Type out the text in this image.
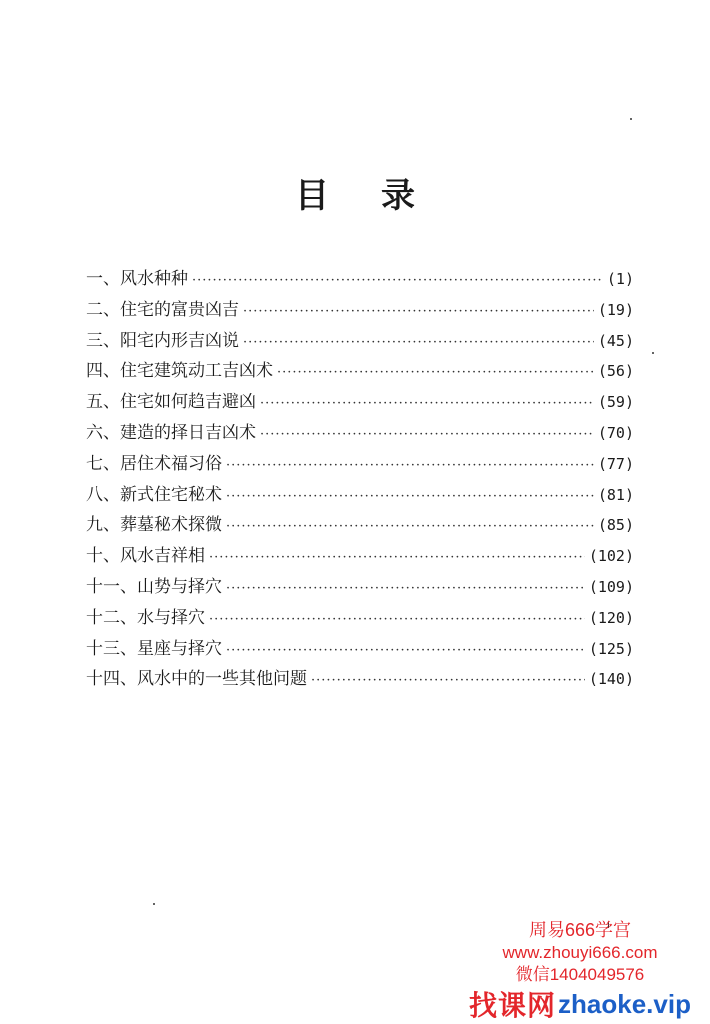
目 录
一、风水种种 ·····	(1)
二、住宅的富贵凶吉 ·····	(19)
三、阳宅内形吉凶说 ·····	(45)
四、住宅建筑动工吉凶术 ·····	(56)
五、住宅如何趋吉避凶 ·····	(59)
六、建造的择日吉凶术 ·····	(70)
七、居住术福习俗 ·····	(77)
八、新式住宅秘术 ·····	(81)
九、葬墓秘术探微 ·····	(85)
十、风水吉祥相 ·····	(102)
十一、山势与择穴 ·····	(109)
十二、水与择穴 ·····	(120)
十三、星座与择穴 ·····	(125)
十四、风水中的一些其他问题 ·····	(140)
周易666学宫
www.zhouyi666.com
微信1404049576
找课网 zhaoke.vip
